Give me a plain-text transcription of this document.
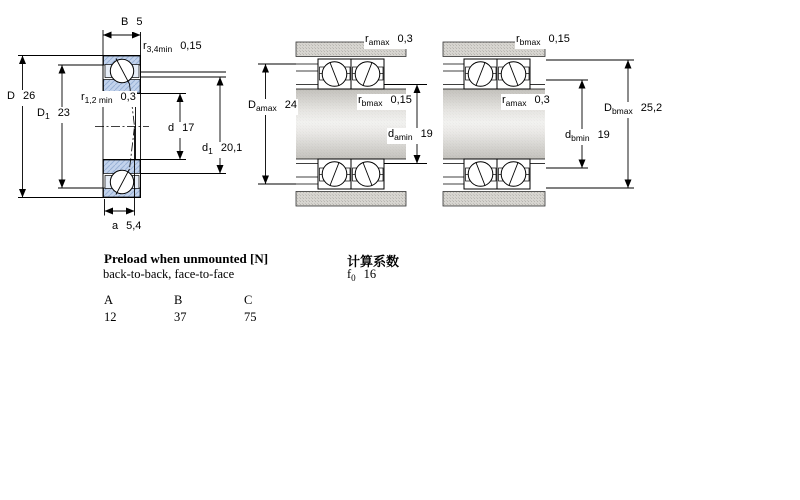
B 5
$r_{3,4min}$ 0,15
D 26
$D_1$ 23
$r_{1,2 min}$ 0,3
d 17
$d_1$ 20,1
a 5,4
$r_{amax}$ 0,3
$r_{bmax}$ 0,15
$D_{amax}$ 24
$d_{amin}$ 19
$r_{bmax}$ 0,15
$r_{amax}$ 0,3
$D_{bmax}$ 25,2
$d_{bmin}$ 19
Preload when unmounted [N]
back-to-back, face-to-face
A	B	C
12	37	75
计算系数
$f_0$ 16
